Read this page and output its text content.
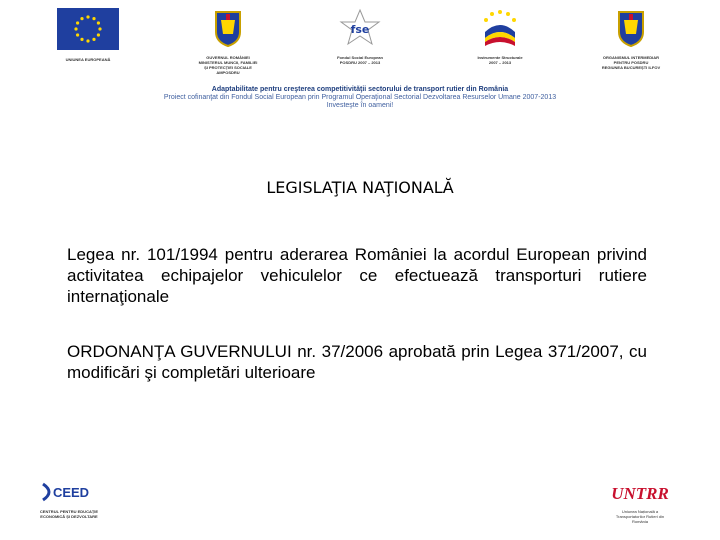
UNIUNEA EUROPEANĂ	GUVERNUL ROMÂNIEI
MINISTERUL MUNCII, FAMILIEI
ȘI PROTECȚIEI SOCIALE
AMPOSDRU
fse
Fondul Social European
POSDRU 2007 – 2013
Instrumente Structurale
2007 – 2013
ORGANISMUL INTERMEDIAR
PENTRU POSDRU
REGIUNEA BUCUREȘTI ILFOV
Adaptabilitate pentru creşterea competitivităţii sectorului de transport rutier din România
Proiect cofinanţat din Fondul Social European prin Programul Operaţional Sectorial Dezvoltarea Resurselor Umane 2007-2013
Investeşte în oameni!
LEGISLAŢIA NAŢIONALĂ
Legea nr. 101/1994 pentru aderarea României la acordul European privind activitatea echipajelor vehiculelor ce efectuează transporturi rutiere internaţionale
ORDONANŢA GUVERNULUI nr. 37/2006 aprobată prin Legea 371/2007, cu modificări şi completări ulterioare
CEED
CENTRUL PENTRU EDUCAȚIE
ECONOMICĂ ȘI DEZVOLTARE
UNTRR
Uniunea Națională a
Transportatorilor Rutieri din
România
